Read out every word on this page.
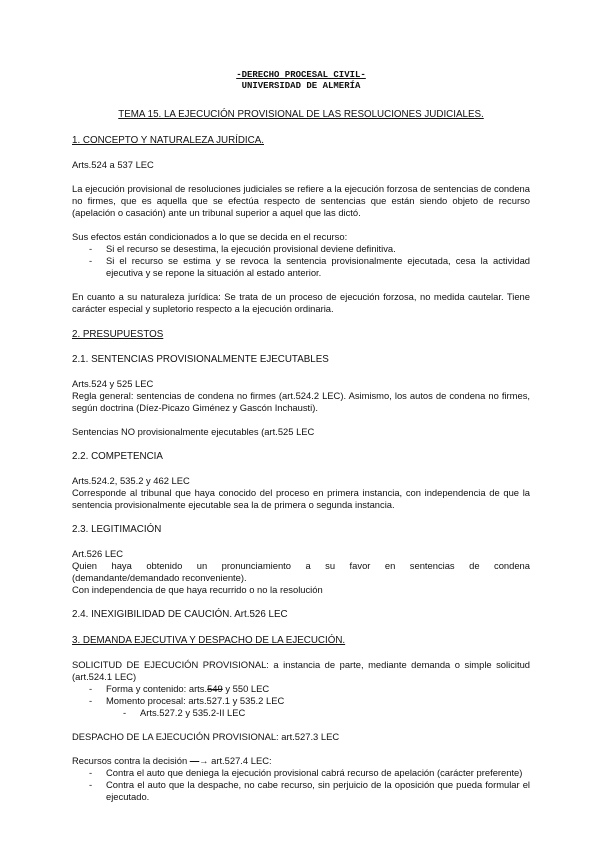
-DERECHO PROCESAL CIVIL-
UNIVERSIDAD DE ALMERÍA
TEMA 15. LA EJECUCIÓN PROVISIONAL DE LAS RESOLUCIONES JUDICIALES.
1. CONCEPTO Y NATURALEZA JURÍDICA.

Arts.524 a 537 LEC

La ejecución provisional de resoluciones judiciales se refiere a la ejecución forzosa de sentencias de condena no firmes, que es aquella que se efectúa respecto de sentencias que están siendo objeto de recurso (apelación o casación) ante un tribunal superior a aquel que las dictó.

Sus efectos están condicionados a lo que se decida en el recurso:

- Si el recurso se desestima, la ejecución provisional deviene definitiva.
- Si el recurso se estima y se revoca la sentencia provisionalmente ejecutada, cesa la actividad ejecutiva y se repone la situación al estado anterior.

En cuanto a su naturaleza jurídica: Se trata de un proceso de ejecución forzosa, no medida cautelar. Tiene carácter especial y supletorio respecto a la ejecución ordinaria.

2. PRESUPUESTOS
2.1. SENTENCIAS PROVISIONALMENTE EJECUTABLES

Arts.524 y 525 LEC

Regla general: sentencias de condena no firmes (art.524.2 LEC). Asimismo, los autos de condena no firmes, según doctrina (Díez-Picazo Giménez y Gascón Inchausti).

Sentencias NO provisionalmente ejecutables (art.525 LEC

2.2. COMPETENCIA

Arts.524.2, 535.2 y 462 LEC

Corresponde al tribunal que haya conocido del proceso en primera instancia, con independencia de que la sentencia provisionalmente ejecutable sea la de primera o segunda instancia.

2.3. LEGITIMACIÓN

Art.526 LEC

Quien haya obtenido un pronunciamiento a su favor en sentencias de condena

(demandante/demandado reconveniente).

Con independencia de que haya recurrido o no la resolución

2.4. INEXIGIBILIDAD DE CAUCIÓN. Art.526 LEC
3. DEMANDA EJECUTIVA Y DESPACHO DE LA EJECUCIÓN.

SOLICITUD DE EJECUCIÓN PROVISIONAL: a instancia de parte, mediante demanda o simple solicitud (art.524.1 LEC)

- Forma y contenido: arts.549 y 550 LEC
- Momento procesal: arts.527.1 y 535.2 LEC
- Arts.527.2 y 535.2-II LEC

DESPACHO DE LA EJECUCIÓN PROVISIONAL: art.527.3 LEC

Recursos contra la decisión ⎯⎯→ art.527.4 LEC:

- Contra el auto que deniega la ejecución provisional cabrá recurso de apelación (carácter preferente)
- Contra el auto que la despache, no cabe recurso, sin perjuicio de la oposición que pueda formular el ejecutado.
